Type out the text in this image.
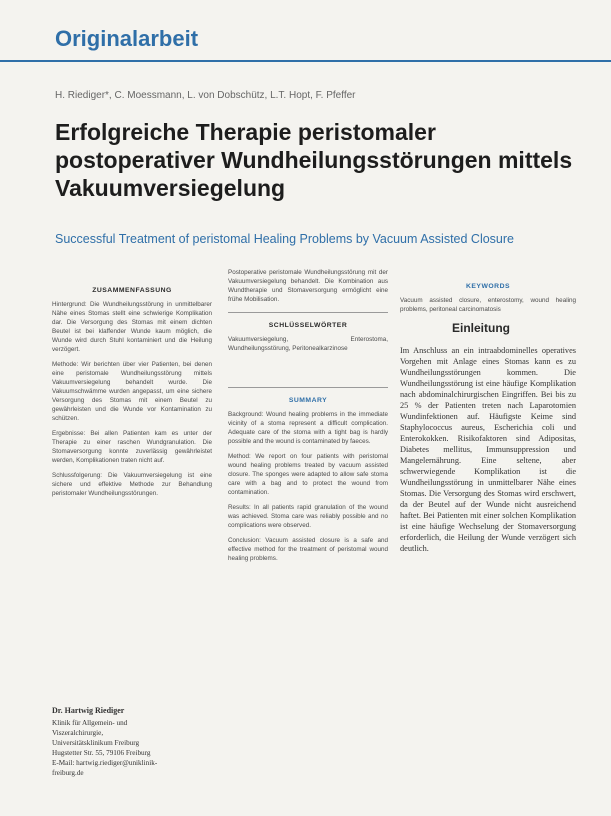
Originalarbeit
H. Riediger*, C. Moessmann, L. von Dobschütz, L.T. Hopt, F. Pfeffer
Erfolgreiche Therapie peristomaler postoperativer Wundheilungsstörungen mittels Vakuumversiegelung
Successful Treatment of peristomal Healing Problems by Vacuum Assisted Closure
ZUSAMMENFASSUNG

Hintergrund: Die Wundheilungsstörung in unmittelbarer Nähe eines Stomas stellt eine schwierige Komplikation dar. Die Versorgung des Stomas mit einem dichten Beutel ist bei klaffender Wunde kaum möglich, die Wunde wird durch Stuhl kontaminiert und die Heilung verzögert.

Methode: Wir berichten über vier Patienten, bei denen eine peristomale Wundheilungsstörung mittels Vakuumversiegelung behandelt wurde. Die Vakuumschwämme wurden angepasst, um eine sichere Versorgung des Stomas mit einem Beutel zu gewährleisten und die Wunde vor Kontamination zu schützen.

Ergebnisse: Bei allen Patienten kam es unter der Therapie zu einer raschen Wundgranulation. Die Stomaversorgung konnte zuverlässig gewährleistet werden, Komplikationen traten nicht auf.

Schlussfolgerung: Die Vakuumversiegelung ist eine sichere und effektive Methode zur Behandlung peristomaler Wundheilungsstörungen.

Dr. Hartwig Riediger
Klinik für Allgemein- und
Viszeralchirurgie,
Universitätsklinikum Freiburg
Hugstetter Str. 55, 79106 Freiburg
E-Mail: hartwig.riediger@uniklinik-
freiburg.de

Postoperative peristomale Wundheilungsstörung mit der Vakuumversiegelung behandelt. Die Kombination aus Wundtherapie und Stomaversorgung ermöglicht eine frühe Mobilisation.

SCHLÜSSELWÖRTER

Vakuumversiegelung, Enterostoma, Wundheilungsstörung, Peritonealkarzinose

SUMMARY

Background: Wound healing problems in the immediate vicinity of a stoma represent a difficult complication. Adequate care of the stoma with a tight bag is hardly possible and the wound is contaminated by faeces.

Method: We report on four patients with peristomal wound healing problems treated by vacuum assisted closure. The sponges were adapted to allow safe stoma care with a bag and to protect the wound from contamination.

Results: In all patients rapid granulation of the wound was achieved. Stoma care was reliably possible and no complications were observed.

Conclusion: Vacuum assisted closure is a safe and effective method for the treatment of peristomal wound healing problems.

KEYWORDS

Vacuum assisted closure, enterostomy, wound healing problems, peritoneal carcinomatosis

Einleitung

Im Anschluss an ein intraabdominelles operatives Vorgehen mit Anlage eines Stomas kann es zu Wundheilungsstörungen kommen. Die Wundheilungsstörung ist eine häufige Komplikation nach abdominalchirurgischen Eingriffen. Bei bis zu 25 % der Patienten treten nach Laparotomien Wundinfektionen auf. Häufigste Keime sind Staphylococcus aureus, Escherichia coli und Enterokokken. Risikofaktoren sind Adipositas, Diabetes mellitus, Immunsuppression und Mangelernährung. Eine seltene, aber schwerwiegende Komplikation ist die Wundheilungsstörung in unmittelbarer Nähe eines Stomas. Die Versorgung des Stomas wird erschwert, da der Beutel auf der Wunde nicht ausreichend haftet. Bei Patienten mit einer solchen Komplikation ist eine häufige Wechselung der Stomaversorgung erforderlich, die Heilung der Wunde verzögert sich deutlich.
